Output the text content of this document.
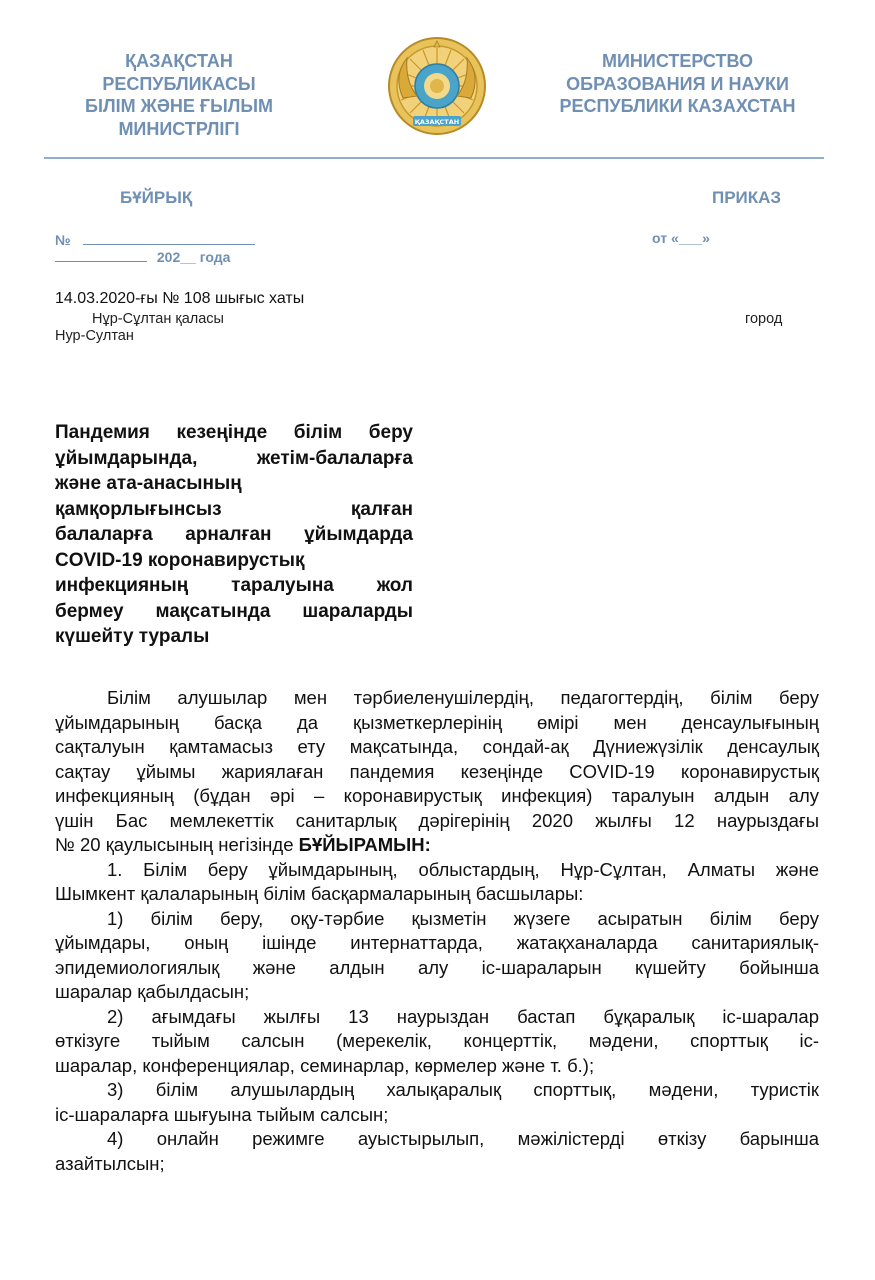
ҚАЗАҚСТАН
РЕСПУБЛИКАСЫ
БІЛІМ ЖӘНЕ ҒЫЛЫМ
МИНИСТРЛІГІ	ҚАЗАҚСТАН
МИНИСТЕРСТВО
ОБРАЗОВАНИЯ И НАУКИ
РЕСПУБЛИКИ КАЗАХСТАН
БҰЙРЫҚ	ПРИКАЗ
№
202__ года
от «___»
14.03.2020-ғы № 108 шығыс хаты
Нұр-Сұлтан қаласы	город
Нур-Султан
Пандемия кезеңінде білім беру
ұйымдарында, жетім-балаларға
және ата-анасының
қамқорлығынсыз қалған
балаларға арналған ұйымдарда
COVID-19 коронавирустық
инфекцияның таралуына жол
бермеу мақсатында шараларды
күшейту туралы
Білім алушылар мен тәрбиеленушілердің, педагогтердің, білім беру
ұйымдарының басқа да қызметкерлерінің өмірі мен денсаулығының
сақталуын қамтамасыз ету мақсатында, сондай-ақ Дүниежүзілік денсаулық
сақтау ұйымы жариялаған пандемия кезеңінде COVID-19 коронавирустық
инфекцияның (бұдан әрі – коронавирустық инфекция) таралуын алдын алу
үшін Бас мемлекеттік санитарлық дәрігерінің 2020 жылғы 12 наурыздағы
№ 20 қаулысының негізінде БҰЙЫРАМЫН:
1. Білім беру ұйымдарының, облыстардың, Нұр-Сұлтан, Алматы және
Шымкент қалаларының білім басқармаларының басшылары:
1) білім беру, оқу-тәрбие қызметін жүзеге асыратын білім беру
ұйымдары, оның ішінде интернаттарда, жатақханаларда санитариялық-
эпидемиологиялық және алдын алу іс-шараларын күшейту бойынша
шаралар қабылдасын;
2) ағымдағы жылғы 13 наурыздан бастап бұқаралық іс-шаралар
өткізуге тыйым салсын (мерекелік, концерттік, мәдени, спорттық іс-
шаралар, конференциялар, семинарлар, көрмелер және т. б.);
3) білім алушылардың халықаралық спорттық, мәдени, туристік
іс-шараларға шығуына тыйым салсын;
4) онлайн режимге ауыстырылып, мәжілістерді өткізу барынша
азайтылсын;
